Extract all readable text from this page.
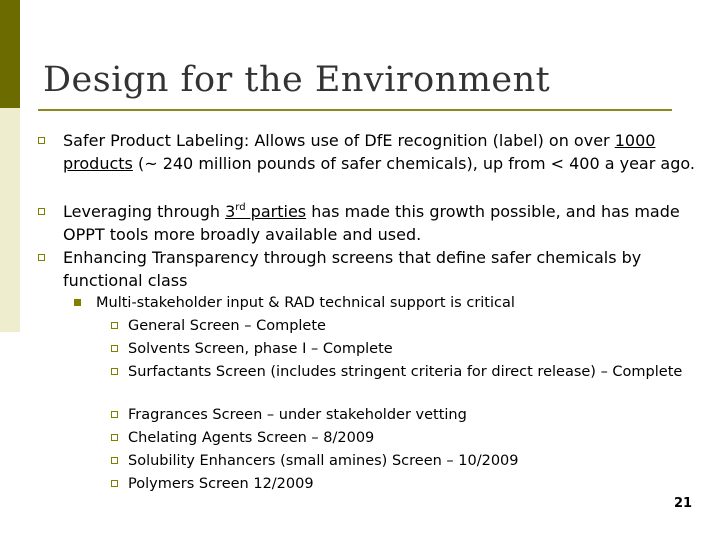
Design for the Environment
Safer Product Labeling: Allows use of DfE recognition (label) on over 1000 products (~ 240 million pounds of safer chemicals), up from < 400 a year ago.
Leveraging through 3rd parties has made this growth possible, and has made OPPT tools more broadly available and used.
Enhancing Transparency through screens that define safer chemicals by functional class
Multi-stakeholder input & RAD technical support is critical
General Screen – Complete
Solvents Screen, phase I – Complete
Surfactants Screen (includes stringent criteria for direct release) – Complete
Fragrances Screen – under stakeholder vetting
Chelating Agents Screen – 8/2009
Solubility Enhancers (small amines) Screen – 10/2009
Polymers Screen 12/2009
21
